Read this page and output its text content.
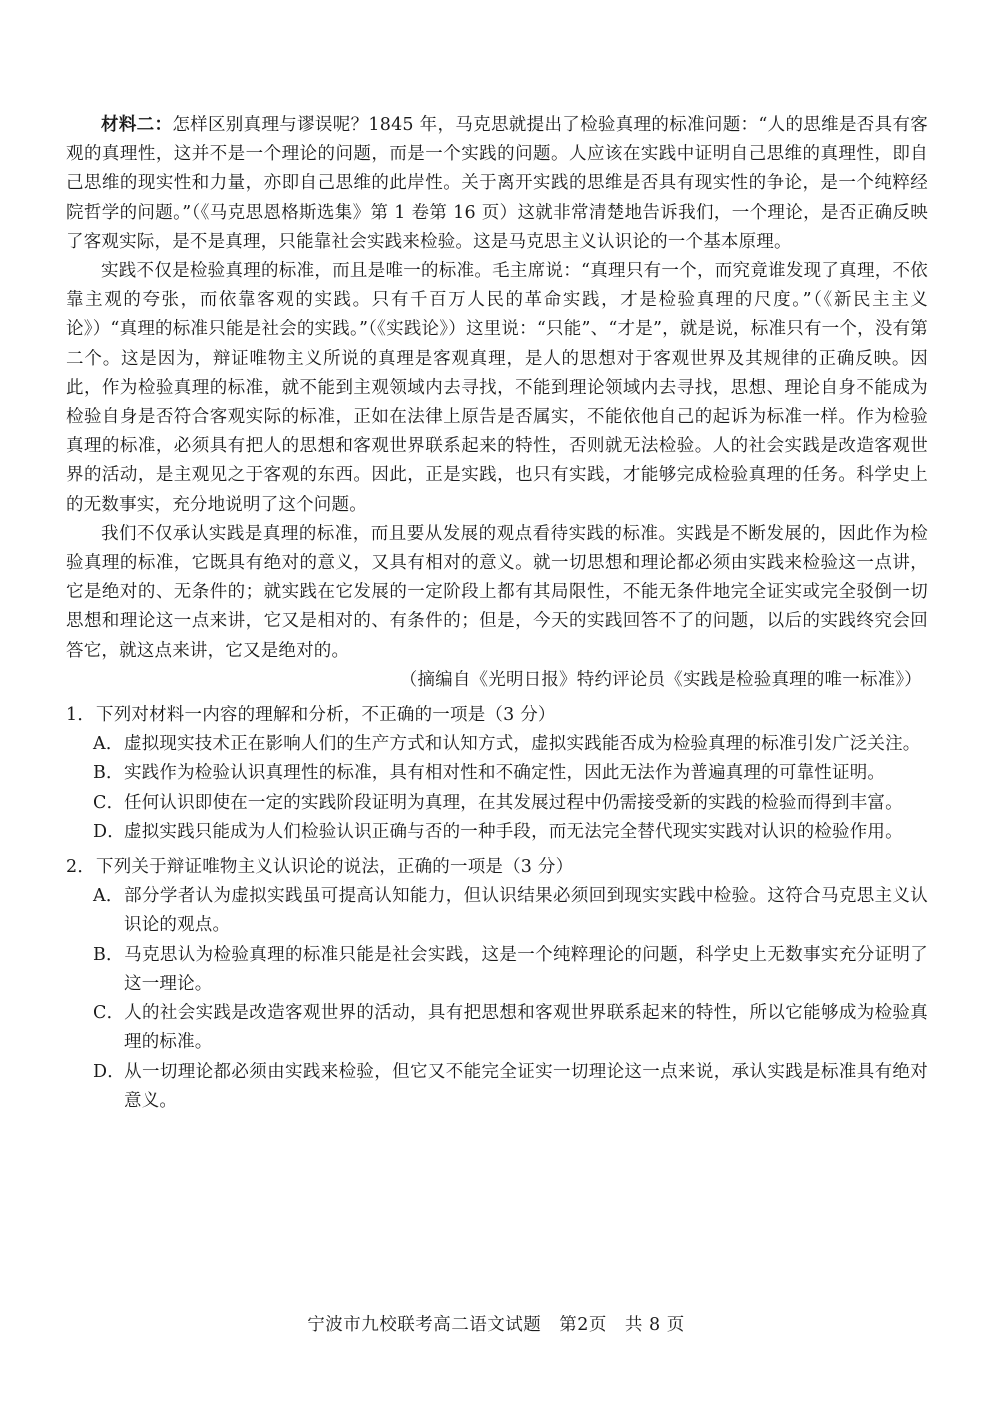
材料二：怎样区别真理与谬误呢？1845 年，马克思就提出了检验真理的标准问题：“人的思维是否具有客观的真理性，这并不是一个理论的问题，而是一个实践的问题。人应该在实践中证明自己思维的真理性，即自己思维的现实性和力量，亦即自己思维的此岸性。关于离开实践的思维是否具有现实性的争论，是一个纯粹经院哲学的问题。”（《马克思恩格斯选集》第 1 卷第 16 页）这就非常清楚地告诉我们，一个理论，是否正确反映了客观实际，是不是真理，只能靠社会实践来检验。这是马克思主义认识论的一个基本原理。

实践不仅是检验真理的标准，而且是唯一的标准。毛主席说：“真理只有一个，而究竟谁发现了真理，不依靠主观的夸张，而依靠客观的实践。只有千百万人民的革命实践，才是检验真理的尺度。”（《新民主主义论》）“真理的标准只能是社会的实践。”（《实践论》）这里说：“只能”、“才是”，就是说，标准只有一个，没有第二个。这是因为，辩证唯物主义所说的真理是客观真理，是人的思想对于客观世界及其规律的正确反映。因此，作为检验真理的标准，就不能到主观领域内去寻找，不能到理论领域内去寻找，思想、理论自身不能成为检验自身是否符合客观实际的标准，正如在法律上原告是否属实，不能依他自己的起诉为标准一样。作为检验真理的标准，必须具有把人的思想和客观世界联系起来的特性，否则就无法检验。人的社会实践是改造客观世界的活动，是主观见之于客观的东西。因此，正是实践，也只有实践，才能够完成检验真理的任务。科学史上的无数事实，充分地说明了这个问题。

我们不仅承认实践是真理的标准，而且要从发展的观点看待实践的标准。实践是不断发展的，因此作为检验真理的标准，它既具有绝对的意义，又具有相对的意义。就一切思想和理论都必须由实践来检验这一点讲，它是绝对的、无条件的；就实践在它发展的一定阶段上都有其局限性，不能无条件地完全证实或完全驳倒一切思想和理论这一点来讲，它又是相对的、有条件的；但是，今天的实践回答不了的问题，以后的实践终究会回答它，就这点来讲，它又是绝对的。

（摘编自《光明日报》特约评论员《实践是检验真理的唯一标准》）

1．下列对材料一内容的理解和分析，不正确的一项是（3 分）

A．虚拟现实技术正在影响人们的生产方式和认知方式，虚拟实践能否成为检验真理的标准引发广泛关注。

B．实践作为检验认识真理性的标准，具有相对性和不确定性，因此无法作为普遍真理的可靠性证明。

C．任何认识即使在一定的实践阶段证明为真理，在其发展过程中仍需接受新的实践的检验而得到丰富。

D．虚拟实践只能成为人们检验认识正确与否的一种手段，而无法完全替代现实实践对认识的检验作用。

2．下列关于辩证唯物主义认识论的说法，正确的一项是（3 分）

A．部分学者认为虚拟实践虽可提高认知能力，但认识结果必须回到现实实践中检验。这符合马克思主义认识论的观点。

B．马克思认为检验真理的标准只能是社会实践，这是一个纯粹理论的问题，科学史上无数事实充分证明了这一理论。

C．人的社会实践是改造客观世界的活动，具有把思想和客观世界联系起来的特性，所以它能够成为检验真理的标准。

D．从一切理论都必须由实践来检验，但它又不能完全证实一切理论这一点来说，承认实践是标准具有绝对意义。

宁波市九校联考高二语文试题　第2页　共 8 页
